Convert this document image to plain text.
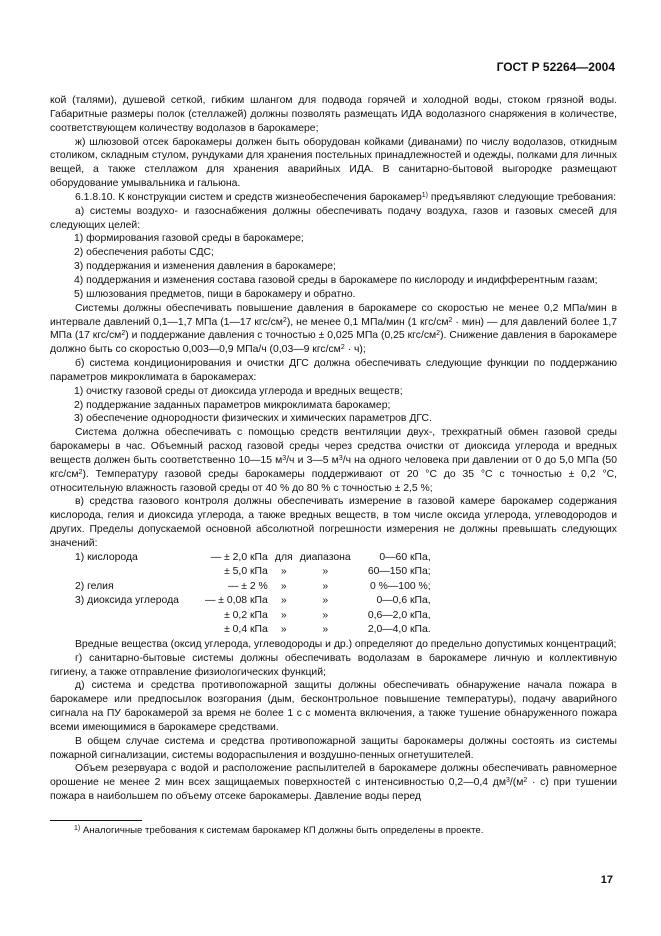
ГОСТ Р 52264—2004

кой (талями), душевой сеткой, гибким шлангом для подвода горячей и холодной воды, стоком грязной воды. Габаритные размеры полок (стеллажей) должны позволять размещать ИДА водолазного снаряжения в количестве, соответствующем количеству водолазов в барокамере;

ж) шлюзовой отсек барокамеры должен быть оборудован койками (диванами) по числу водолазов, откидным столиком, складным стулом, рундуками для хранения постельных принадлежностей и одежды, полками для личных вещей, а также стеллажом для хранения аварийных ИДА. В санитарно-бытовой выгородке размещают оборудование умывальника и гальюна.

6.1.8.10. К конструкции систем и средств жизнеобеспечения барокамер$^{1)}$ предъявляют следующие требования:

а) системы воздухо- и газоснабжения должны обеспечивать подачу воздуха, газов и газовых смесей для следующих целей:

1) формирования газовой среды в барокамере;

2) обеспечения работы СДС;

3) поддержания и изменения давления в барокамере;

4) поддержания и изменения состава газовой среды в барокамере по кислороду и индифферентным газам;

5) шлюзования предметов, пищи в барокамеру и обратно.

Системы должны обеспечивать повышение давления в барокамере со скоростью не менее 0,2 МПа/мин в интервале давлений 0,1—1,7 МПа (1—17 кгс/$см^2$), не менее 0,1 МПа/мин (1 кгс/$см^2 \cdot мин$) — для давлений более 1,7 МПа (17 кгс/$см^2$) и поддержание давления с точностью ± 0,025 МПа (0,25 кгс/$см^2$). Снижение давления в барокамере должно быть со скоростью 0,003—0,9 МПа/ч (0,03—9 кгс/$см^2 \cdot ч$);

б) система кондиционирования и очистки ДГС должна обеспечивать следующие функции по поддержанию параметров микроклимата в барокамерах:

1) очистку газовой среды от диоксида углерода и вредных веществ;

2) поддержание заданных параметров микроклимата барокамер;

3) обеспечение однородности физических и химических параметров ДГС.

Система должна обеспечивать с помощью средств вентиляции двух-, трехкратный обмен газовой среды барокамеры в час. Объемный расход газовой среды через средства очистки от диоксида углерода и вредных веществ должен быть соответственно 10—15 $м^3/ч$ и 3—5 $м^3/ч$ на одного человека при давлении от 0 до 5,0 МПа (50 кгс/$см^2$). Температуру газовой среды барокамеры поддерживают от 20 °С до 35 °С с точностью ± 0,2 °С, относительную влажность газовой среды от 40 % до 80 % с точностью ± 2,5 %;

в) средства газового контроля должны обеспечивать измерение в газовой камере барокамер содержания кислорода, гелия и диоксида углерода, а также вредных веществ, в том числе оксида углерода, углеводородов и других. Пределы допускаемой основной абсолютной погрешности измерения не должны превышать следующих значений:

1) кислорода	— ± 2,0 кПа	для	диапазона	0—60 кПа,
	± 5,0 кПа	»	»	60—150 кПа;
2) гелия	— ± 2 %	»	»	0 %—100 %;
3) диоксида углерода	— ± 0,08 кПа	»	»	0—0,6 кПа,
	± 0,2 кПа	»	»	0,6—2,0 кПа,
	± 0,4 кПа	»	»	2,0—4,0 кПа.

Вредные вещества (оксид углерода, углеводороды и др.) определяют до предельно допустимых концентраций;

г) санитарно-бытовые системы должны обеспечивать водолазам в барокамере личную и коллективную гигиену, а также отправление физиологических функций;

д) система и средства противопожарной защиты должны обеспечивать обнаружение начала пожара в барокамере или предпосылок возгорания (дым, бесконтрольное повышение температуры), подачу аварийного сигнала на ПУ барокамерой за время не более 1 с с момента включения, а также тушение обнаруженного пожара всеми имеющимися в барокамере средствами.

В общем случае система и средства противопожарной защиты барокамеры должны состоять из системы пожарной сигнализации, системы водораспыления и воздушно-пенных огнетушителей.

Объем резервуара с водой и расположение распылителей в барокамере должны обеспечивать равномерное орошение не менее 2 мин всех защищаемых поверхностей с интенсивностью 0,2—0,4 $дм^3/(м^2 \cdot с)$ при тушении пожара в наибольшем по объему отсеке барокамеры. Давление воды перед

$^{1)}$ Аналогичные требования к системам барокамер КП должны быть определены в проекте.
17
